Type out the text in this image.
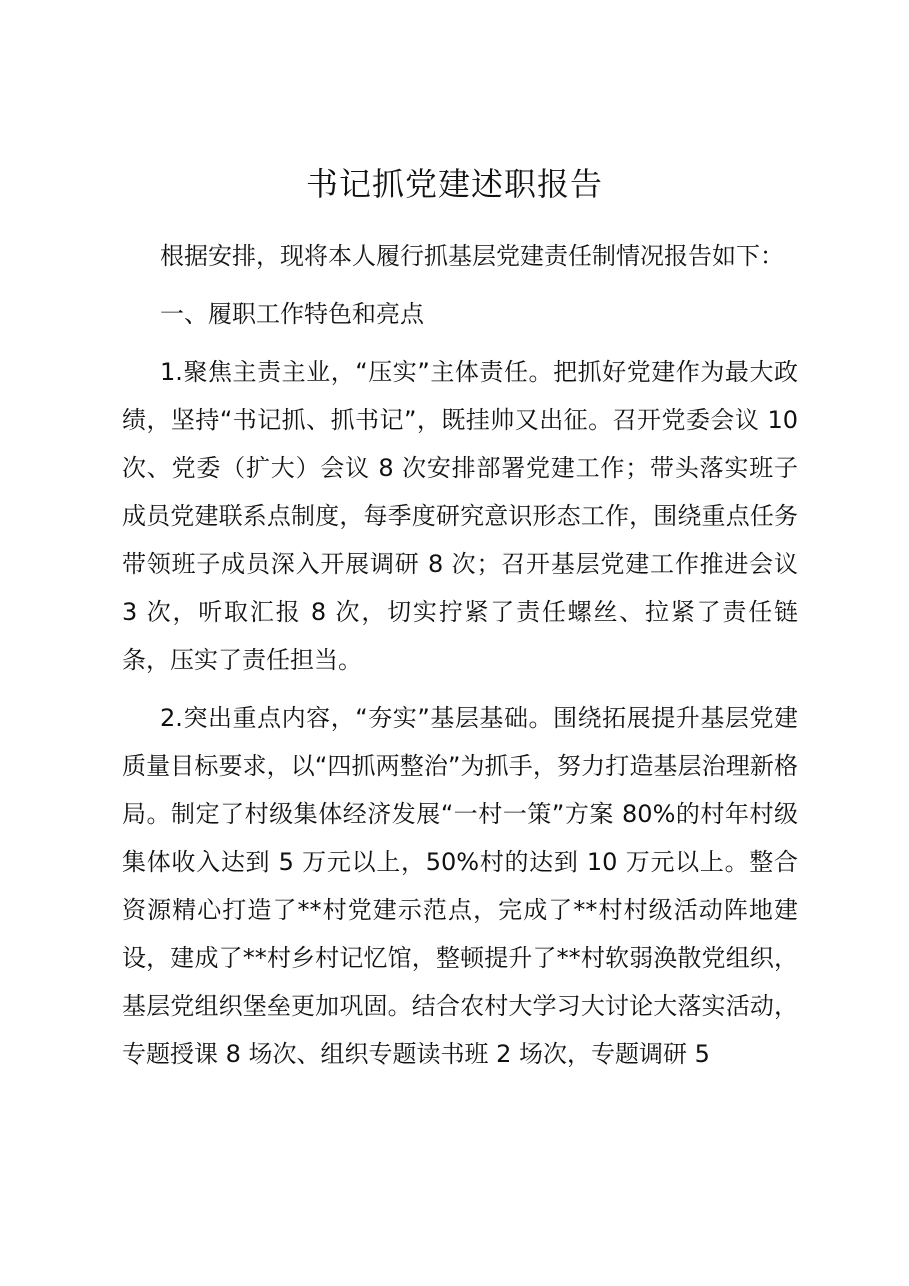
书记抓党建述职报告

根据安排，现将本人履行抓基层党建责任制情况报告如下：

一、履职工作特色和亮点

1.聚焦主责主业，“压实”主体责任。把抓好党建作为最大政绩，坚持“书记抓、抓书记”，既挂帅又出征。召开党委会议 10 次、党委（扩大）会议 8 次安排部署党建工作；带头落实班子成员党建联系点制度，每季度研究意识形态工作，围绕重点任务带领班子成员深入开展调研 8 次；召开基层党建工作推进会议 3 次，听取汇报 8 次，切实拧紧了责任螺丝、拉紧了责任链条，压实了责任担当。

2.突出重点内容，“夯实”基层基础。围绕拓展提升基层党建质量目标要求，以“四抓两整治”为抓手，努力打造基层治理新格局。制定了村级集体经济发展“一村一策”方案 80%的村年村级集体收入达到 5 万元以上，50%村的达到 10 万元以上。整合资源精心打造了**村党建示范点，完成了**村村级活动阵地建设，建成了**村乡村记忆馆，整顿提升了**村软弱涣散党组织，基层党组织堡垒更加巩固。结合农村大学习大讨论大落实活动，专题授课 8 场次、组织专题读书班 2 场次，专题调研 5
